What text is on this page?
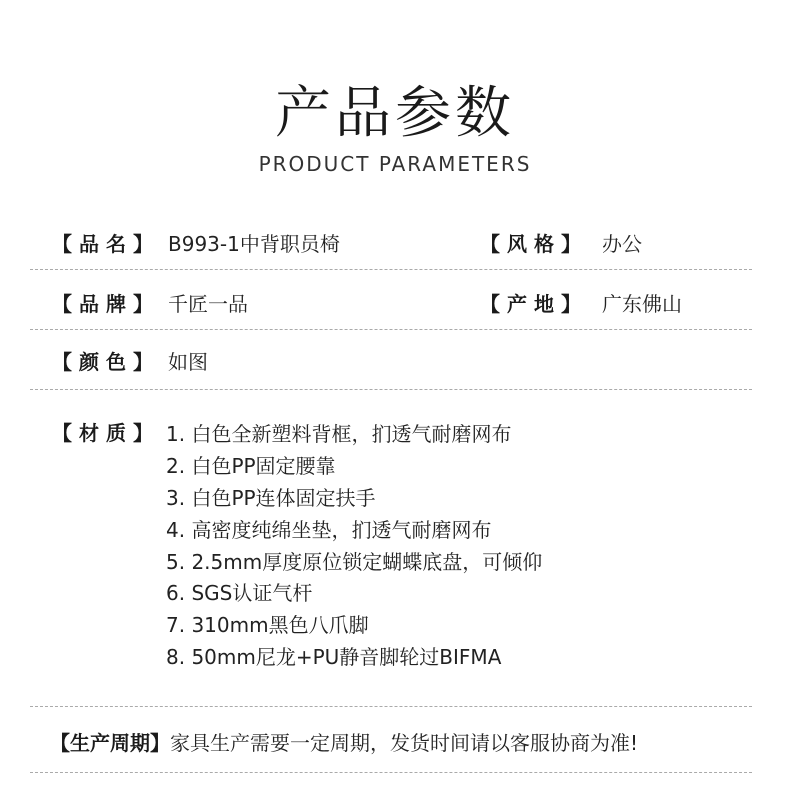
产品参数
PRODUCT PARAMETERS
【品名】 B993-1中背职员椅	【风格】 办公
【品牌】 千匠一品	【产地】 广东佛山
【颜色】 如图
【材质】 1. 白色全新塑料背框，扪透气耐磨网布
2. 白色PP固定腰靠
3. 白色PP连体固定扶手
4. 高密度纯绵坐垫，扪透气耐磨网布
5. 2.5mm厚度原位锁定蝴蝶底盘，可倾仰
6. SGS认证气杆
7. 310mm黑色八爪脚
8. 50mm尼龙+PU静音脚轮过BIFMA
【生产周期】家具生产需要一定周期，发货时间请以客服协商为准!
